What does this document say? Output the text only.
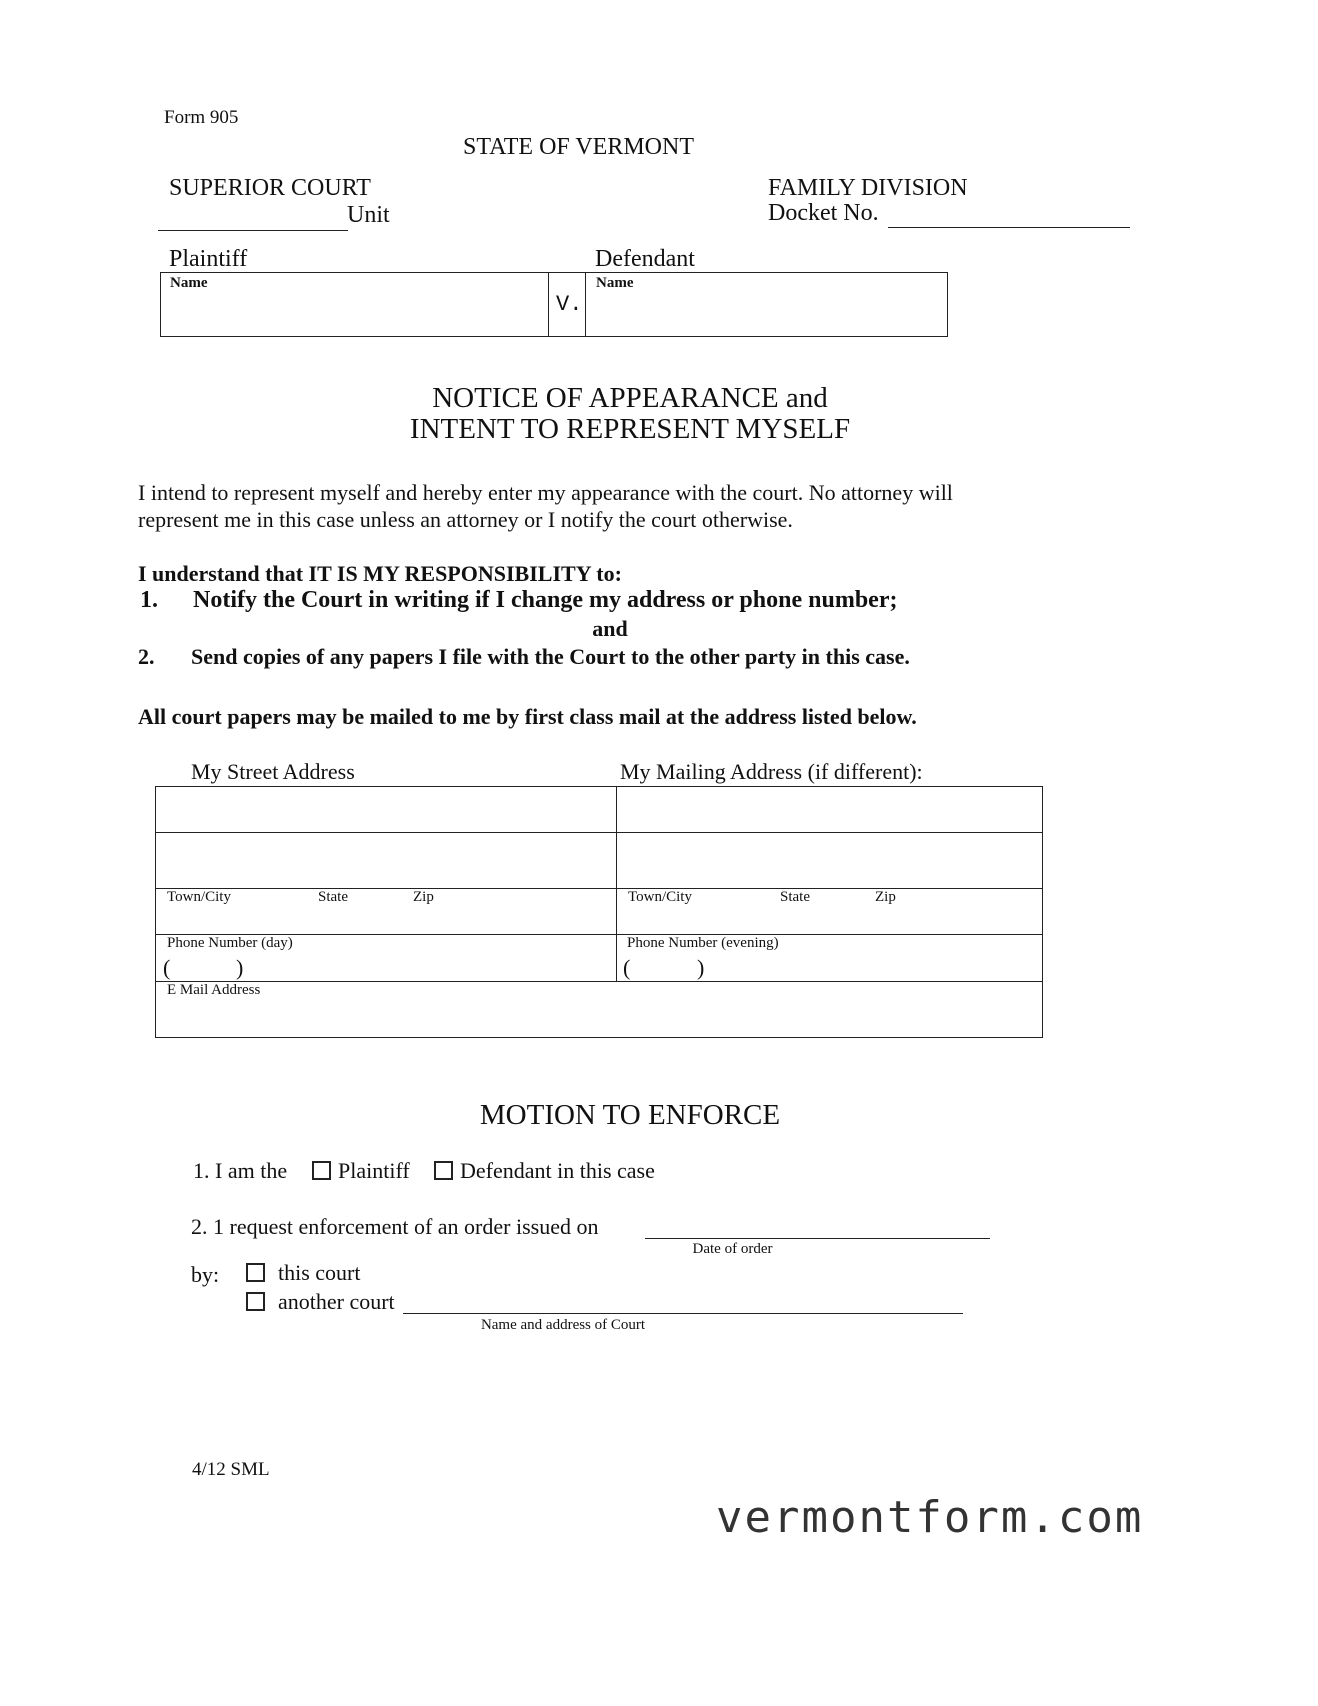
Form 905
STATE OF VERMONT
SUPERIOR COURT
Unit
FAMILY DIVISION
Docket No.
Plaintiff	Defendant
Name	Name
V.
NOTICE OF APPEARANCE and
INTENT TO REPRESENT MYSELF
I intend to represent myself and hereby enter my appearance with the court. No attorney will
represent me in this case unless an attorney or I notify the court otherwise.
I understand that IT IS MY RESPONSIBILITY to:
1. Notify the Court in writing if I change my address or phone number;
and
2. Send copies of any papers I file with the Court to the other party in this case.
All court papers may be mailed to me by first class mail at the address listed below.
My Street Address	My Mailing Address (if different):
Town/City	State	Zip	Town/City	State	Zip
Phone Number (day)
(	)
Phone Number (evening)
(	)
E Mail Address
MOTION TO ENFORCE
1. I am the Plaintiff Defendant in this case
2. 1 request enforcement of an order issued on
Date of order
by:	this court
another court
Name and address of Court
4/12 SML
vermontform.com
